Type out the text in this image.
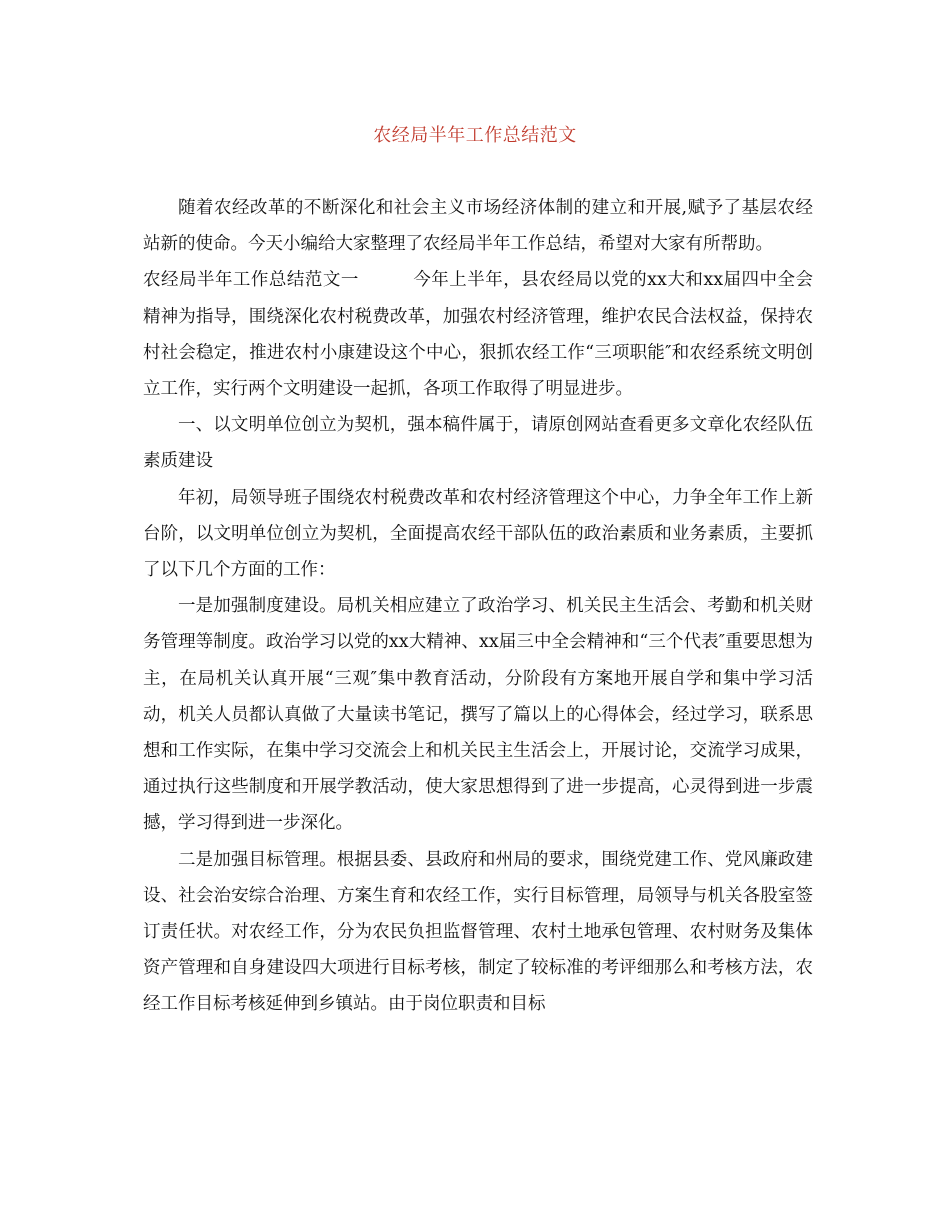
农经局半年工作总结范文

随着农经改革的不断深化和社会主义市场经济体制的建立和开展,赋予了基层农经站新的使命。今天小编给大家整理了农经局半年工作总结，希望对大家有所帮助。

农经局半年工作总结范文一	今年上半年，县农经局以党的xx大和xx届四中全会精神为指导，围绕深化农村税费改革，加强农村经济管理，维护农民合法权益，保持农村社会稳定，推进农村小康建设这个中心，狠抓农经工作“三项职能″和农经系统文明创立工作，实行两个文明建设一起抓，各项工作取得了明显进步。

一、以文明单位创立为契机，强本稿件属于，请原创网站查看更多文章化农经队伍素质建设

年初，局领导班子围绕农村税费改革和农村经济管理这个中心，力争全年工作上新台阶，以文明单位创立为契机，全面提高农经干部队伍的政治素质和业务素质，主要抓了以下几个方面的工作：

一是加强制度建设。局机关相应建立了政治学习、机关民主生活会、考勤和机关财务管理等制度。政治学习以党的xx大精神、xx届三中全会精神和“三个代表″重要思想为主，在局机关认真开展“三观″集中教育活动，分阶段有方案地开展自学和集中学习活动，机关人员都认真做了大量读书笔记，撰写了篇以上的心得体会，经过学习，联系思想和工作实际，在集中学习交流会上和机关民主生活会上，开展讨论，交流学习成果，通过执行这些制度和开展学教活动，使大家思想得到了进一步提高，心灵得到进一步震撼，学习得到进一步深化。

二是加强目标管理。根据县委、县政府和州局的要求，围绕党建工作、党风廉政建设、社会治安综合治理、方案生育和农经工作，实行目标管理，局领导与机关各股室签订责任状。对农经工作，分为农民负担监督管理、农村土地承包管理、农村财务及集体资产管理和自身建设四大项进行目标考核，制定了较标准的考评细那么和考核方法，农经工作目标考核延伸到乡镇站。由于岗位职责和目标
